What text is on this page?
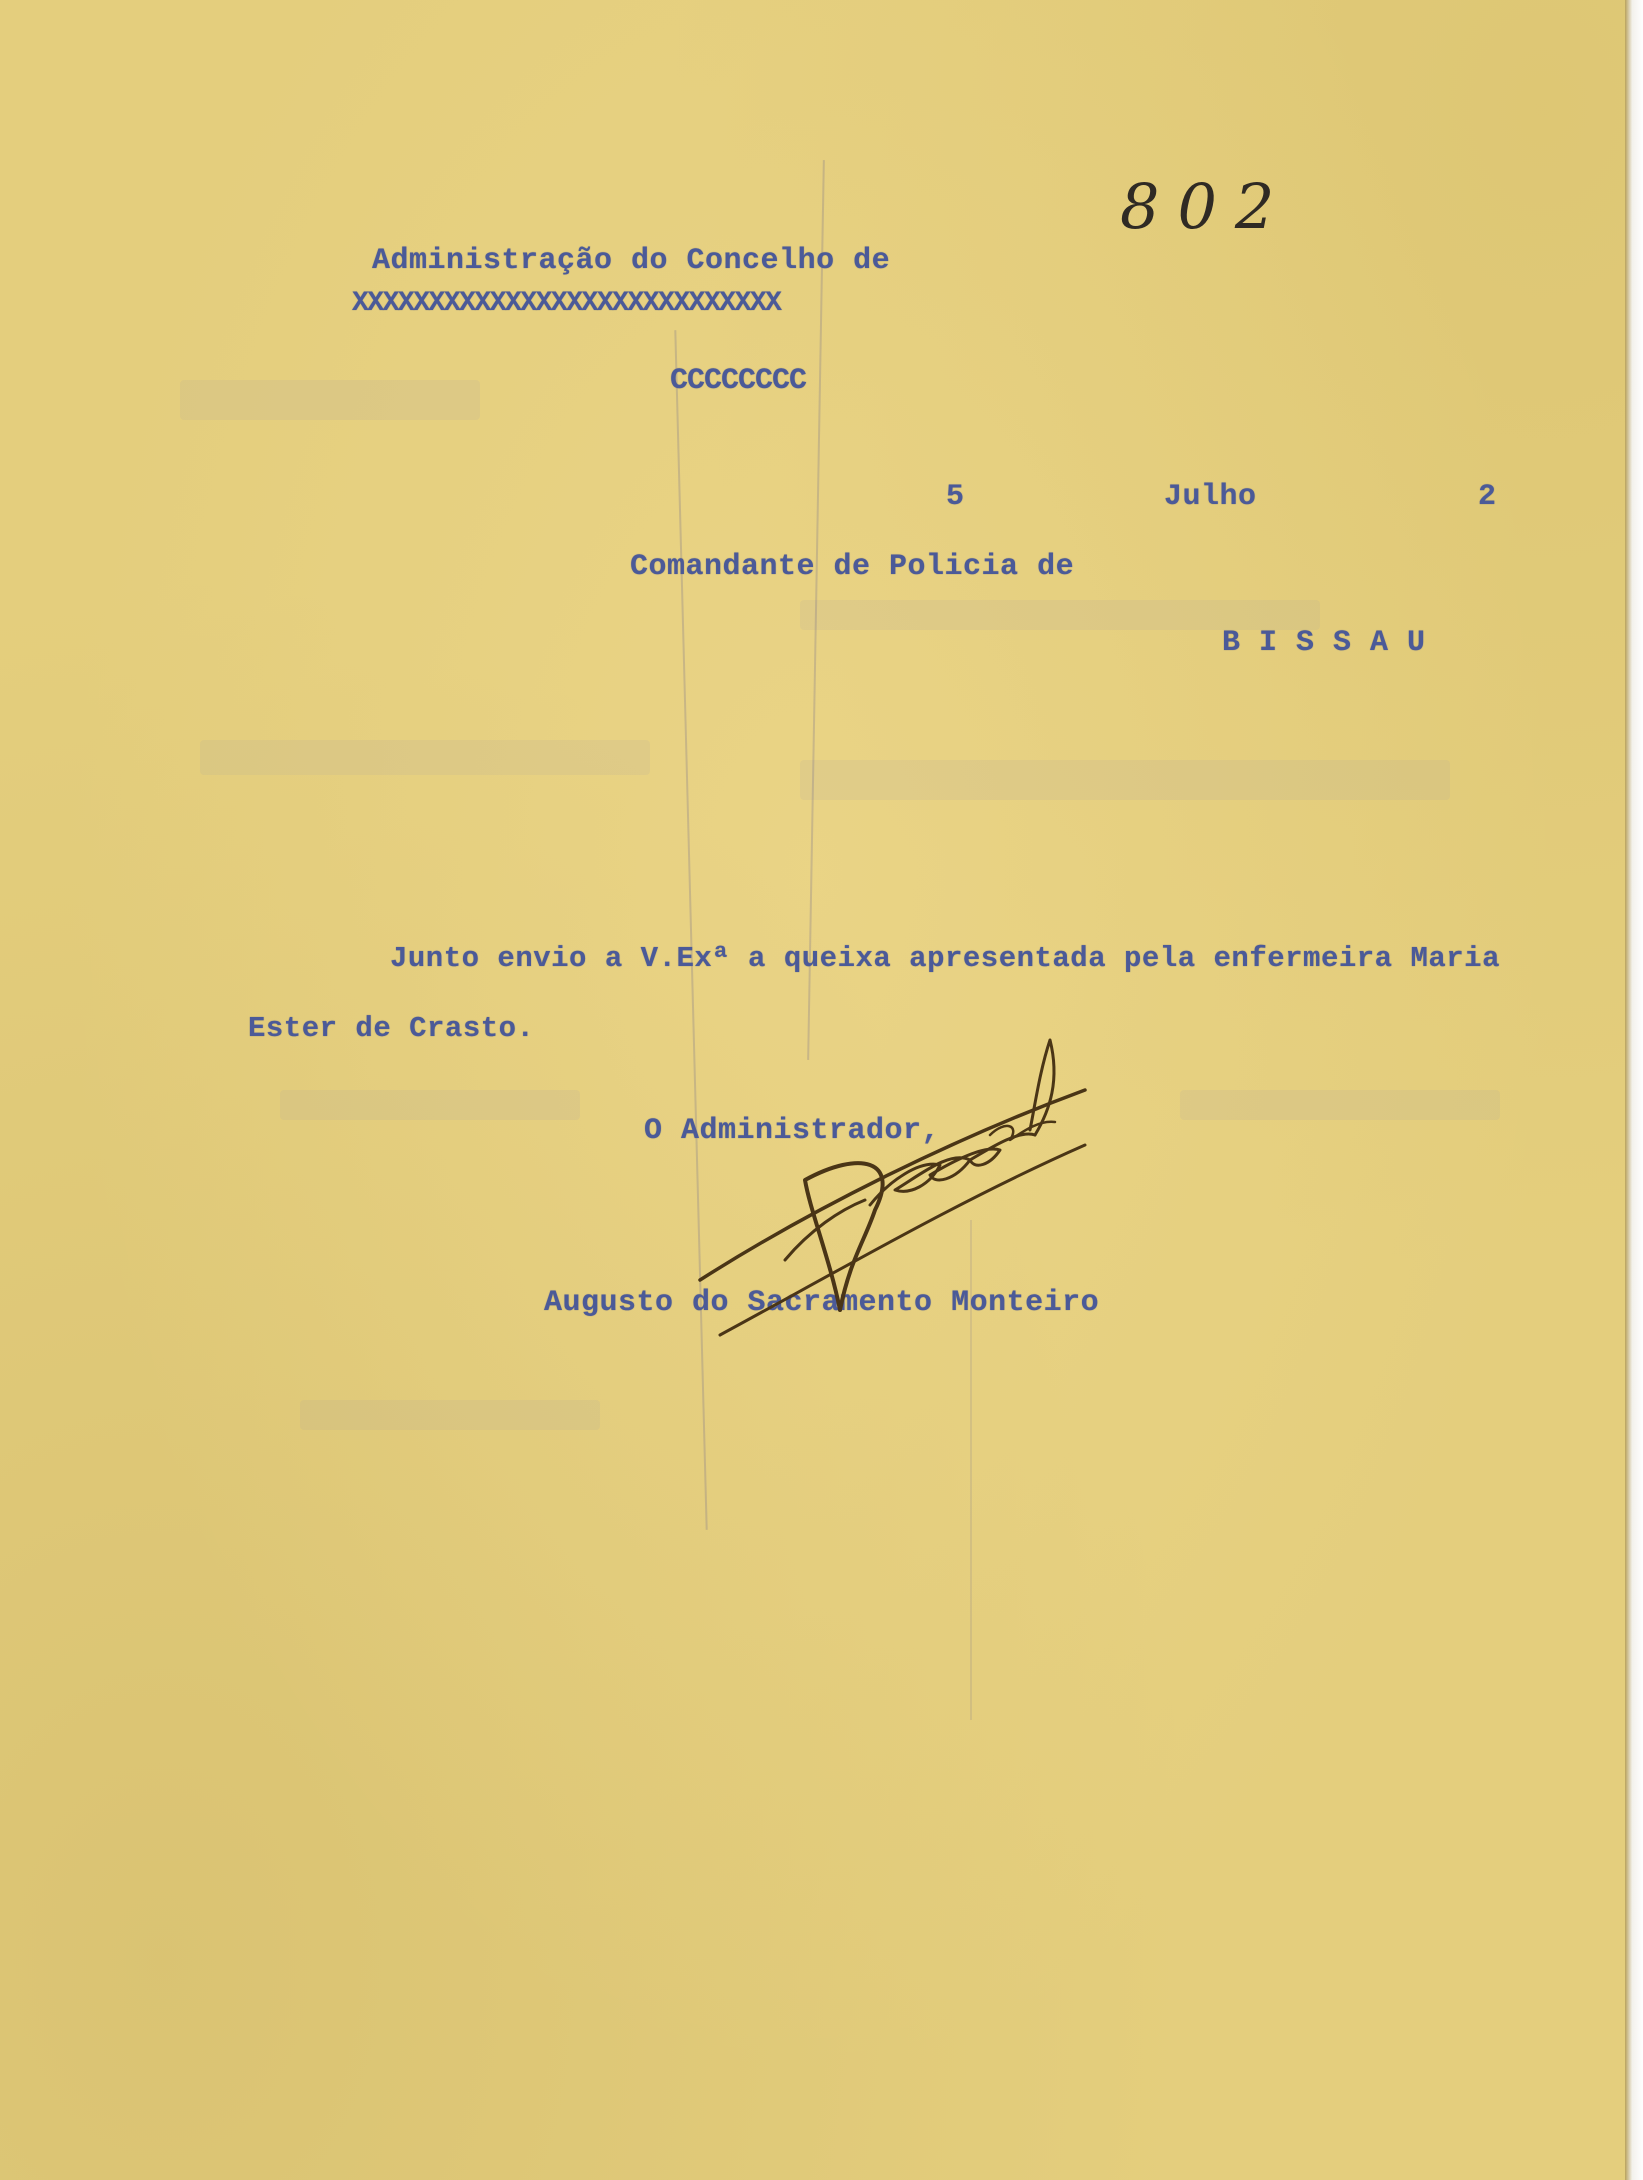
802
Administração do Concelho de
XXXXXXXXXXXXXXXXXXXXXXXXXXXX
CCCCCCCC
5	Julho	2
Comandante de Policia de
B I S S A U
Junto envio a V.Exª a queixa apresentada pela enfermeira Maria
Ester de Crasto.
O Administrador,
Augusto do Sacramento Monteiro
